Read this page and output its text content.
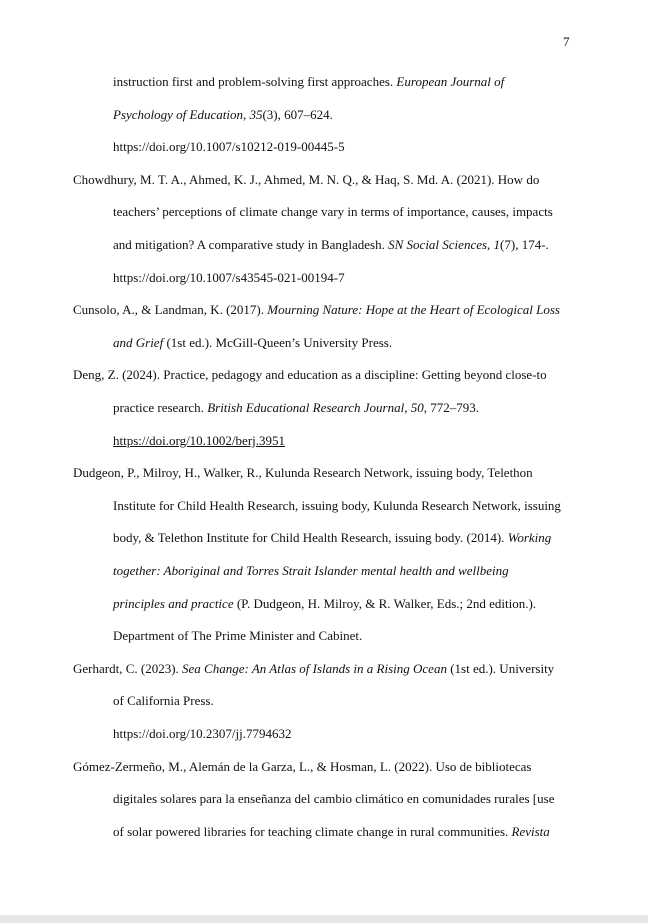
7
instruction first and problem-solving first approaches. European Journal of
Psychology of Education, 35(3), 607–624.
https://doi.org/10.1007/s10212-019-00445-5
Chowdhury, M. T. A., Ahmed, K. J., Ahmed, M. N. Q., & Haq, S. Md. A. (2021). How do
teachers’ perceptions of climate change vary in terms of importance, causes, impacts
and mitigation? A comparative study in Bangladesh. SN Social Sciences, 1(7), 174-.
https://doi.org/10.1007/s43545-021-00194-7
Cunsolo, A., & Landman, K. (2017). Mourning Nature: Hope at the Heart of Ecological Loss
and Grief (1st ed.). McGill-Queen’s University Press.
Deng, Z. (2024). Practice, pedagogy and education as a discipline: Getting beyond close-to
practice research. British Educational Research Journal, 50, 772–793.
https://doi.org/10.1002/berj.3951
Dudgeon, P., Milroy, H., Walker, R., Kulunda Research Network, issuing body, Telethon
Institute for Child Health Research, issuing body, Kulunda Research Network, issuing
body, & Telethon Institute for Child Health Research, issuing body. (2014). Working
together: Aboriginal and Torres Strait Islander mental health and wellbeing
principles and practice (P. Dudgeon, H. Milroy, & R. Walker, Eds.; 2nd edition.).
Department of The Prime Minister and Cabinet.
Gerhardt, C. (2023). Sea Change: An Atlas of Islands in a Rising Ocean (1st ed.). University
of California Press.
https://doi.org/10.2307/jj.7794632
Gómez-Zermeño, M., Alemán de la Garza, L., & Hosman, L. (2022). Uso de bibliotecas
digitales solares para la enseñanza del cambio climático en comunidades rurales [use
of solar powered libraries for teaching climate change in rural communities. Revista
